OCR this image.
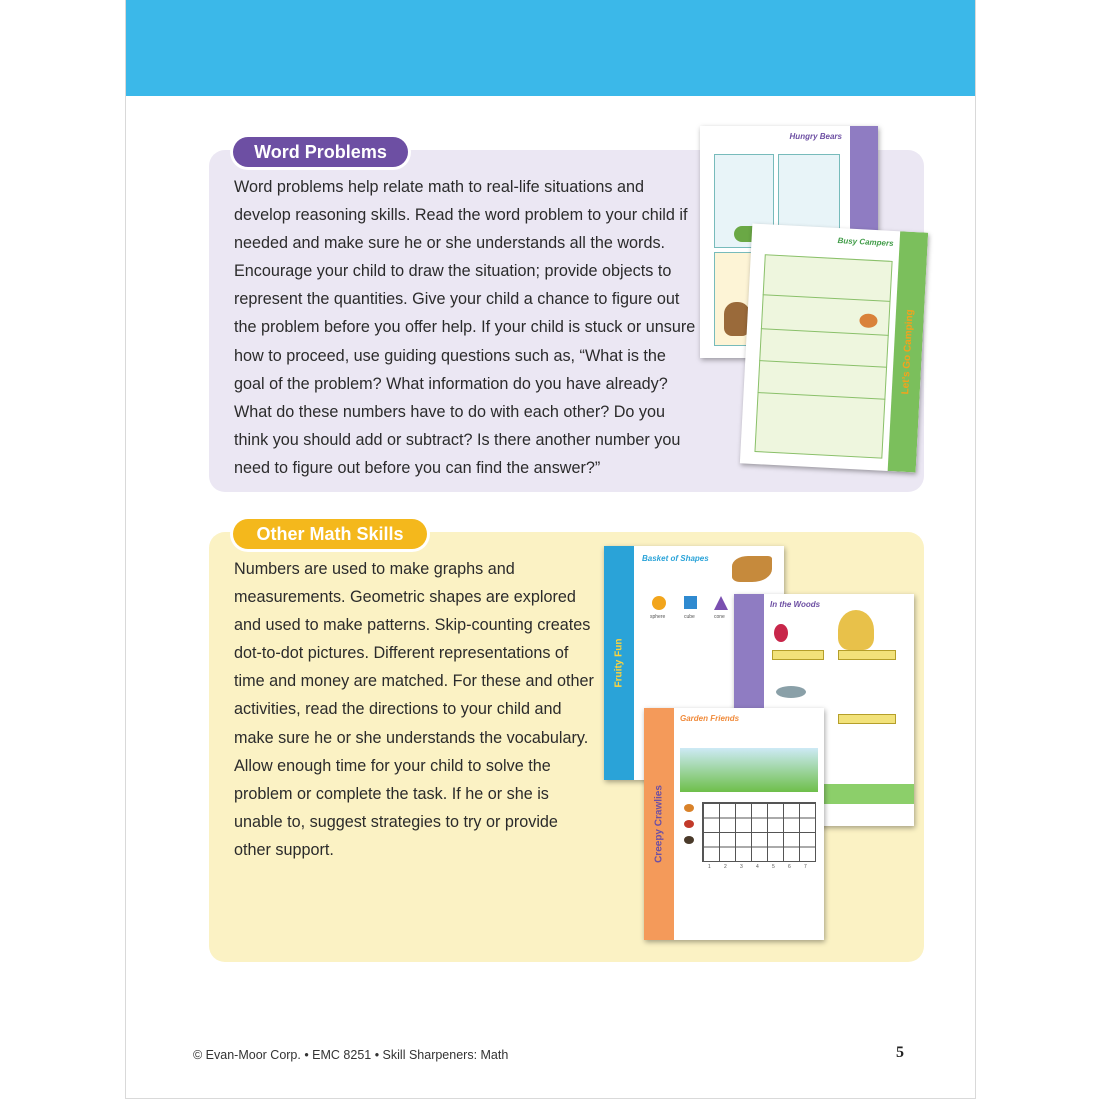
Word Problems

Word problems help relate math to real-life situations and develop reasoning skills. Read the word problem to your child if needed and make sure he or she understands all the words. Encourage your child to draw the situation; provide objects to represent the quantities. Give your child a chance to figure out the problem before you offer help. If your child is stuck or unsure how to proceed, use guiding questions such as, “What is the goal of the problem? What information do you have already? What do these numbers have to do with each other? Do you think you should add or subtract? Is there another number you need to figure out before you can find the answer?”

Hungry Bears
Busy Campers
Let’s Go Camping
Other Math Skills

Numbers are used to make graphs and measurements. Geometric shapes are explored and used to make patterns. Skip-counting creates dot-to-dot pictures. Different representations of time and money are matched. For these and other activities, read the directions to your child and make sure he or she understands the vocabulary. Allow enough time for your child to solve the problem or complete the task. If he or she is unable to, suggest strategies to try or provide other support.

Fruity Fun
Basket of Shapes
sphere	cube	cone
In the Woods
Creepy Crawlies
Garden Friends
1	2	3	4	5	6	7
© Evan-Moor Corp. • EMC 8251 • Skill Sharpeners: Math	5
